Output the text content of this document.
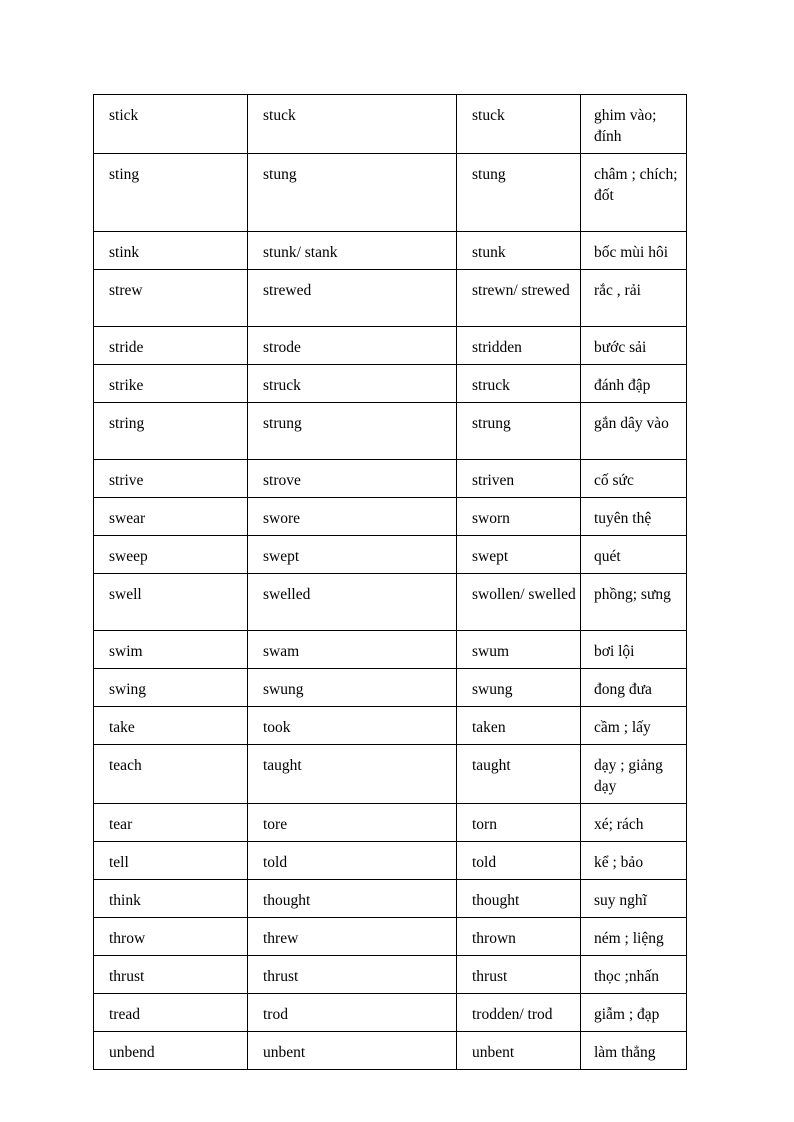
stick	stuck	stuck	ghim vào; đính
sting	stung	stung	châm ; chích; đốt
stink	stunk/ stank	stunk	bốc mùi hôi
strew	strewed	strewn/ strewed	rắc , rải
stride	strode	stridden	bước sải
strike	struck	struck	đánh đập
string	strung	strung	gắn dây vào
strive	strove	striven	cố sức
swear	swore	sworn	tuyên thệ
sweep	swept	swept	quét
swell	swelled	swollen/ swelled	phồng; sưng
swim	swam	swum	bơi lội
swing	swung	swung	đong đưa
take	took	taken	cầm ; lấy
teach	taught	taught	dạy ; giảng dạy
tear	tore	torn	xé; rách
tell	told	told	kể ; bảo
think	thought	thought	suy nghĩ
throw	threw	thrown	ném ; liệng
thrust	thrust	thrust	thọc ;nhấn
tread	trod	trodden/ trod	giẫm ; đạp
unbend	unbent	unbent	làm thẳng
